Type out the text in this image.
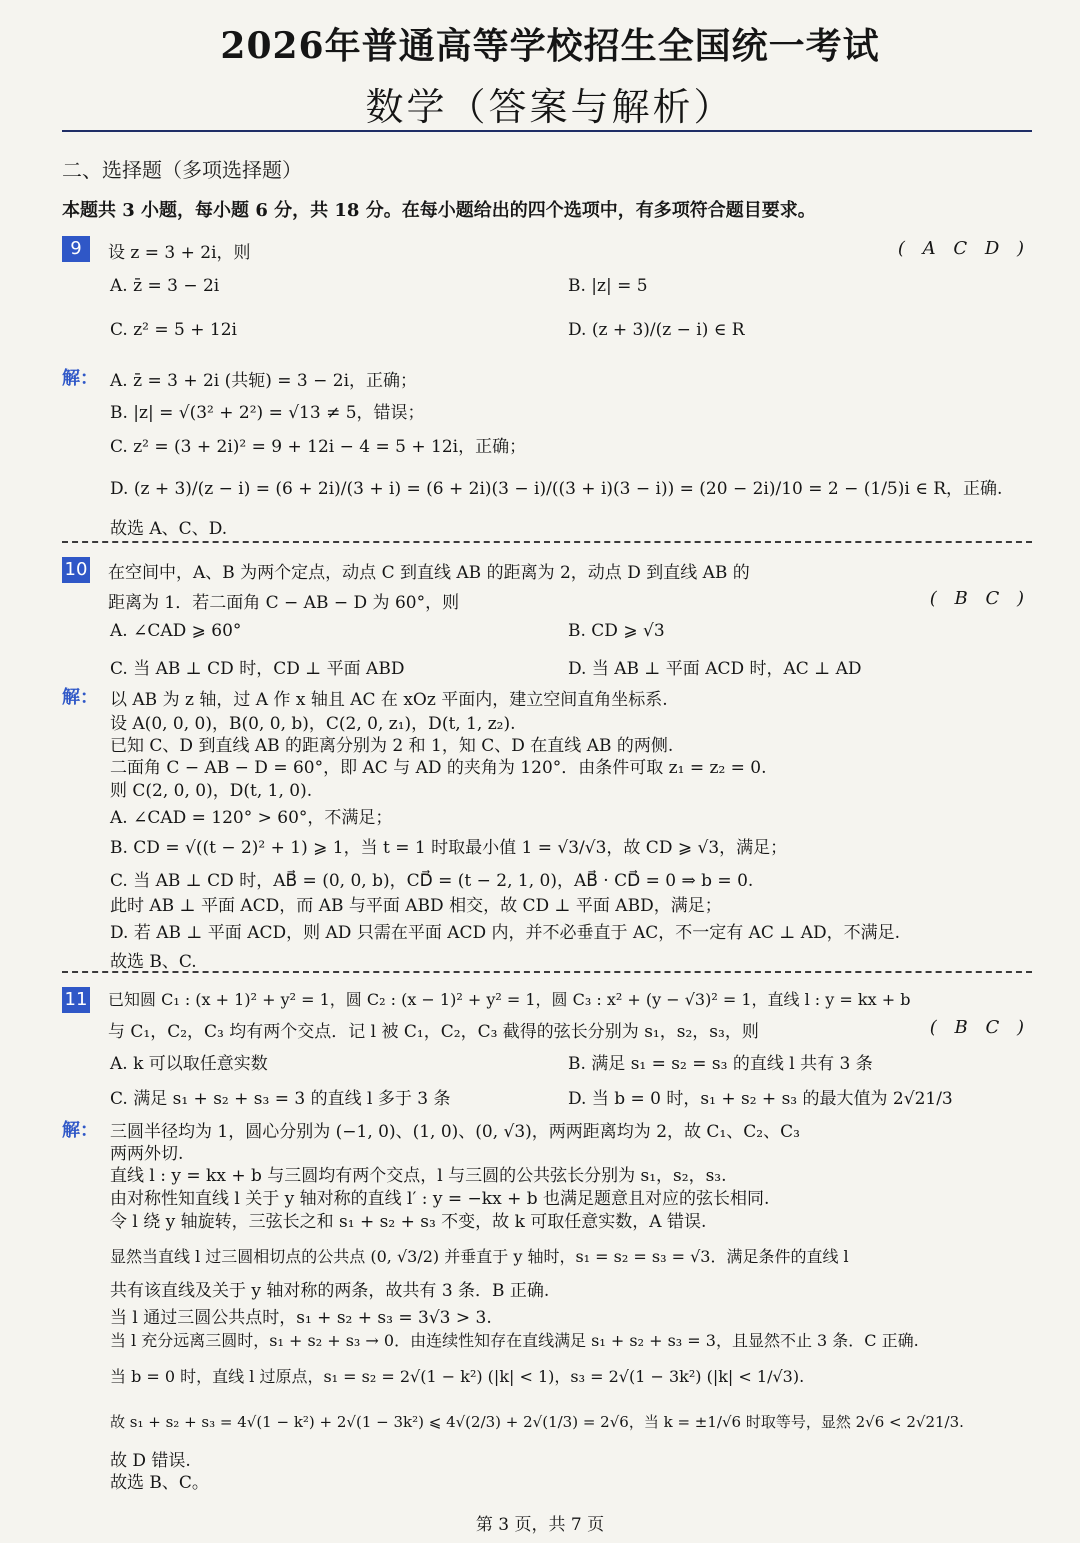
2026年普通高等学校招生全国统一考试
数学（答案与解析）
二、选择题（多项选择题）
本题共 3 小题，每小题 6 分，共 18 分。在每小题给出的四个选项中，有多项符合题目要求。
9	设 z = 3 + 2i，则	( A C D )
A. z̄ = 3 − 2i	B. |z| = 5
C. z² = 5 + 12i	D. (z + 3)/(z − i) ∈ R
解： A. z̄ = 3 + 2i (共轭) = 3 − 2i，正确；
B. |z| = √(3² + 2²) = √13 ≠ 5，错误；
C. z² = (3 + 2i)² = 9 + 12i − 4 = 5 + 12i，正确；
D. (z + 3)/(z − i) = (6 + 2i)/(3 + i) = (6 + 2i)(3 − i)/((3 + i)(3 − i)) = (20 − 2i)/10 = 2 − (1/5)i ∈ R，正确.
故选 A、C、D.
10 在空间中，A、B 为两个定点，动点 C 到直线 AB 的距离为 2，动点 D 到直线 AB 的
距离为 1．若二面角 C − AB − D 为 60°，则	( B C )
A. ∠CAD ⩾ 60°	B. CD ⩾ √3
C. 当 AB ⊥ CD 时，CD ⊥ 平面 ABD	D. 当 AB ⊥ 平面 ACD 时，AC ⊥ AD
解： 以 AB 为 z 轴，过 A 作 x 轴且 AC 在 xOz 平面内，建立空间直角坐标系.
设 A(0, 0, 0)，B(0, 0, b)，C(2, 0, z₁)，D(t, 1, z₂).
已知 C、D 到直线 AB 的距离分别为 2 和 1，知 C、D 在直线 AB 的两侧.
二面角 C − AB − D = 60°，即 AC 与 AD 的夹角为 120°．由条件可取 z₁ = z₂ = 0.
则 C(2, 0, 0)，D(t, 1, 0).
A. ∠CAD = 120° > 60°，不满足；
B. CD = √((t − 2)² + 1) ⩾ 1，当 t = 1 时取最小值 1 = √3/√3，故 CD ⩾ √3，满足；
C. 当 AB ⊥ CD 时，AB⃗ = (0, 0, b)，CD⃗ = (t − 2, 1, 0)，AB⃗ · CD⃗ = 0 ⇒ b = 0.
此时 AB ⊥ 平面 ACD，而 AB 与平面 ABD 相交，故 CD ⊥ 平面 ABD，满足；
D. 若 AB ⊥ 平面 ACD，则 AD 只需在平面 ACD 内，并不必垂直于 AC，不一定有 AC ⊥ AD，不满足.
故选 B、C.
11 已知圆 C₁ : (x + 1)² + y² = 1，圆 C₂ : (x − 1)² + y² = 1，圆 C₃ : x² + (y − √3)² = 1，直线 l : y = kx + b
与 C₁，C₂，C₃ 均有两个交点．记 l 被 C₁，C₂，C₃ 截得的弦长分别为 s₁，s₂，s₃，则	( B C )
A. k 可以取任意实数	B. 满足 s₁ = s₂ = s₃ 的直线 l 共有 3 条
C. 满足 s₁ + s₂ + s₃ = 3 的直线 l 多于 3 条	D. 当 b = 0 时，s₁ + s₂ + s₃ 的最大值为 2√21/3
解： 三圆半径均为 1，圆心分别为 (−1, 0)、(1, 0)、(0, √3)，两两距离均为 2，故 C₁、C₂、C₃
两两外切.
直线 l : y = kx + b 与三圆均有两个交点，l 与三圆的公共弦长分别为 s₁，s₂，s₃.
由对称性知直线 l 关于 y 轴对称的直线 l′ : y = −kx + b 也满足题意且对应的弦长相同.
令 l 绕 y 轴旋转，三弦长之和 s₁ + s₂ + s₃ 不变，故 k 可取任意实数，A 错误.
显然当直线 l 过三圆相切点的公共点 (0, √3/2) 并垂直于 y 轴时，s₁ = s₂ = s₃ = √3．满足条件的直线 l
共有该直线及关于 y 轴对称的两条，故共有 3 条．B 正确.
当 l 通过三圆公共点时，s₁ + s₂ + s₃ = 3√3 > 3.
当 l 充分远离三圆时，s₁ + s₂ + s₃ → 0．由连续性知存在直线满足 s₁ + s₂ + s₃ = 3，且显然不止 3 条．C 正确.
当 b = 0 时，直线 l 过原点，s₁ = s₂ = 2√(1 − k²) (|k| < 1)，s₃ = 2√(1 − 3k²) (|k| < 1/√3).
故 s₁ + s₂ + s₃ = 4√(1 − k²) + 2√(1 − 3k²) ⩽ 4√(2/3) + 2√(1/3) = 2√6，当 k = ±1/√6 时取等号，显然 2√6 < 2√21/3.
故 D 错误.
故选 B、C。
第 3 页，共 7 页
